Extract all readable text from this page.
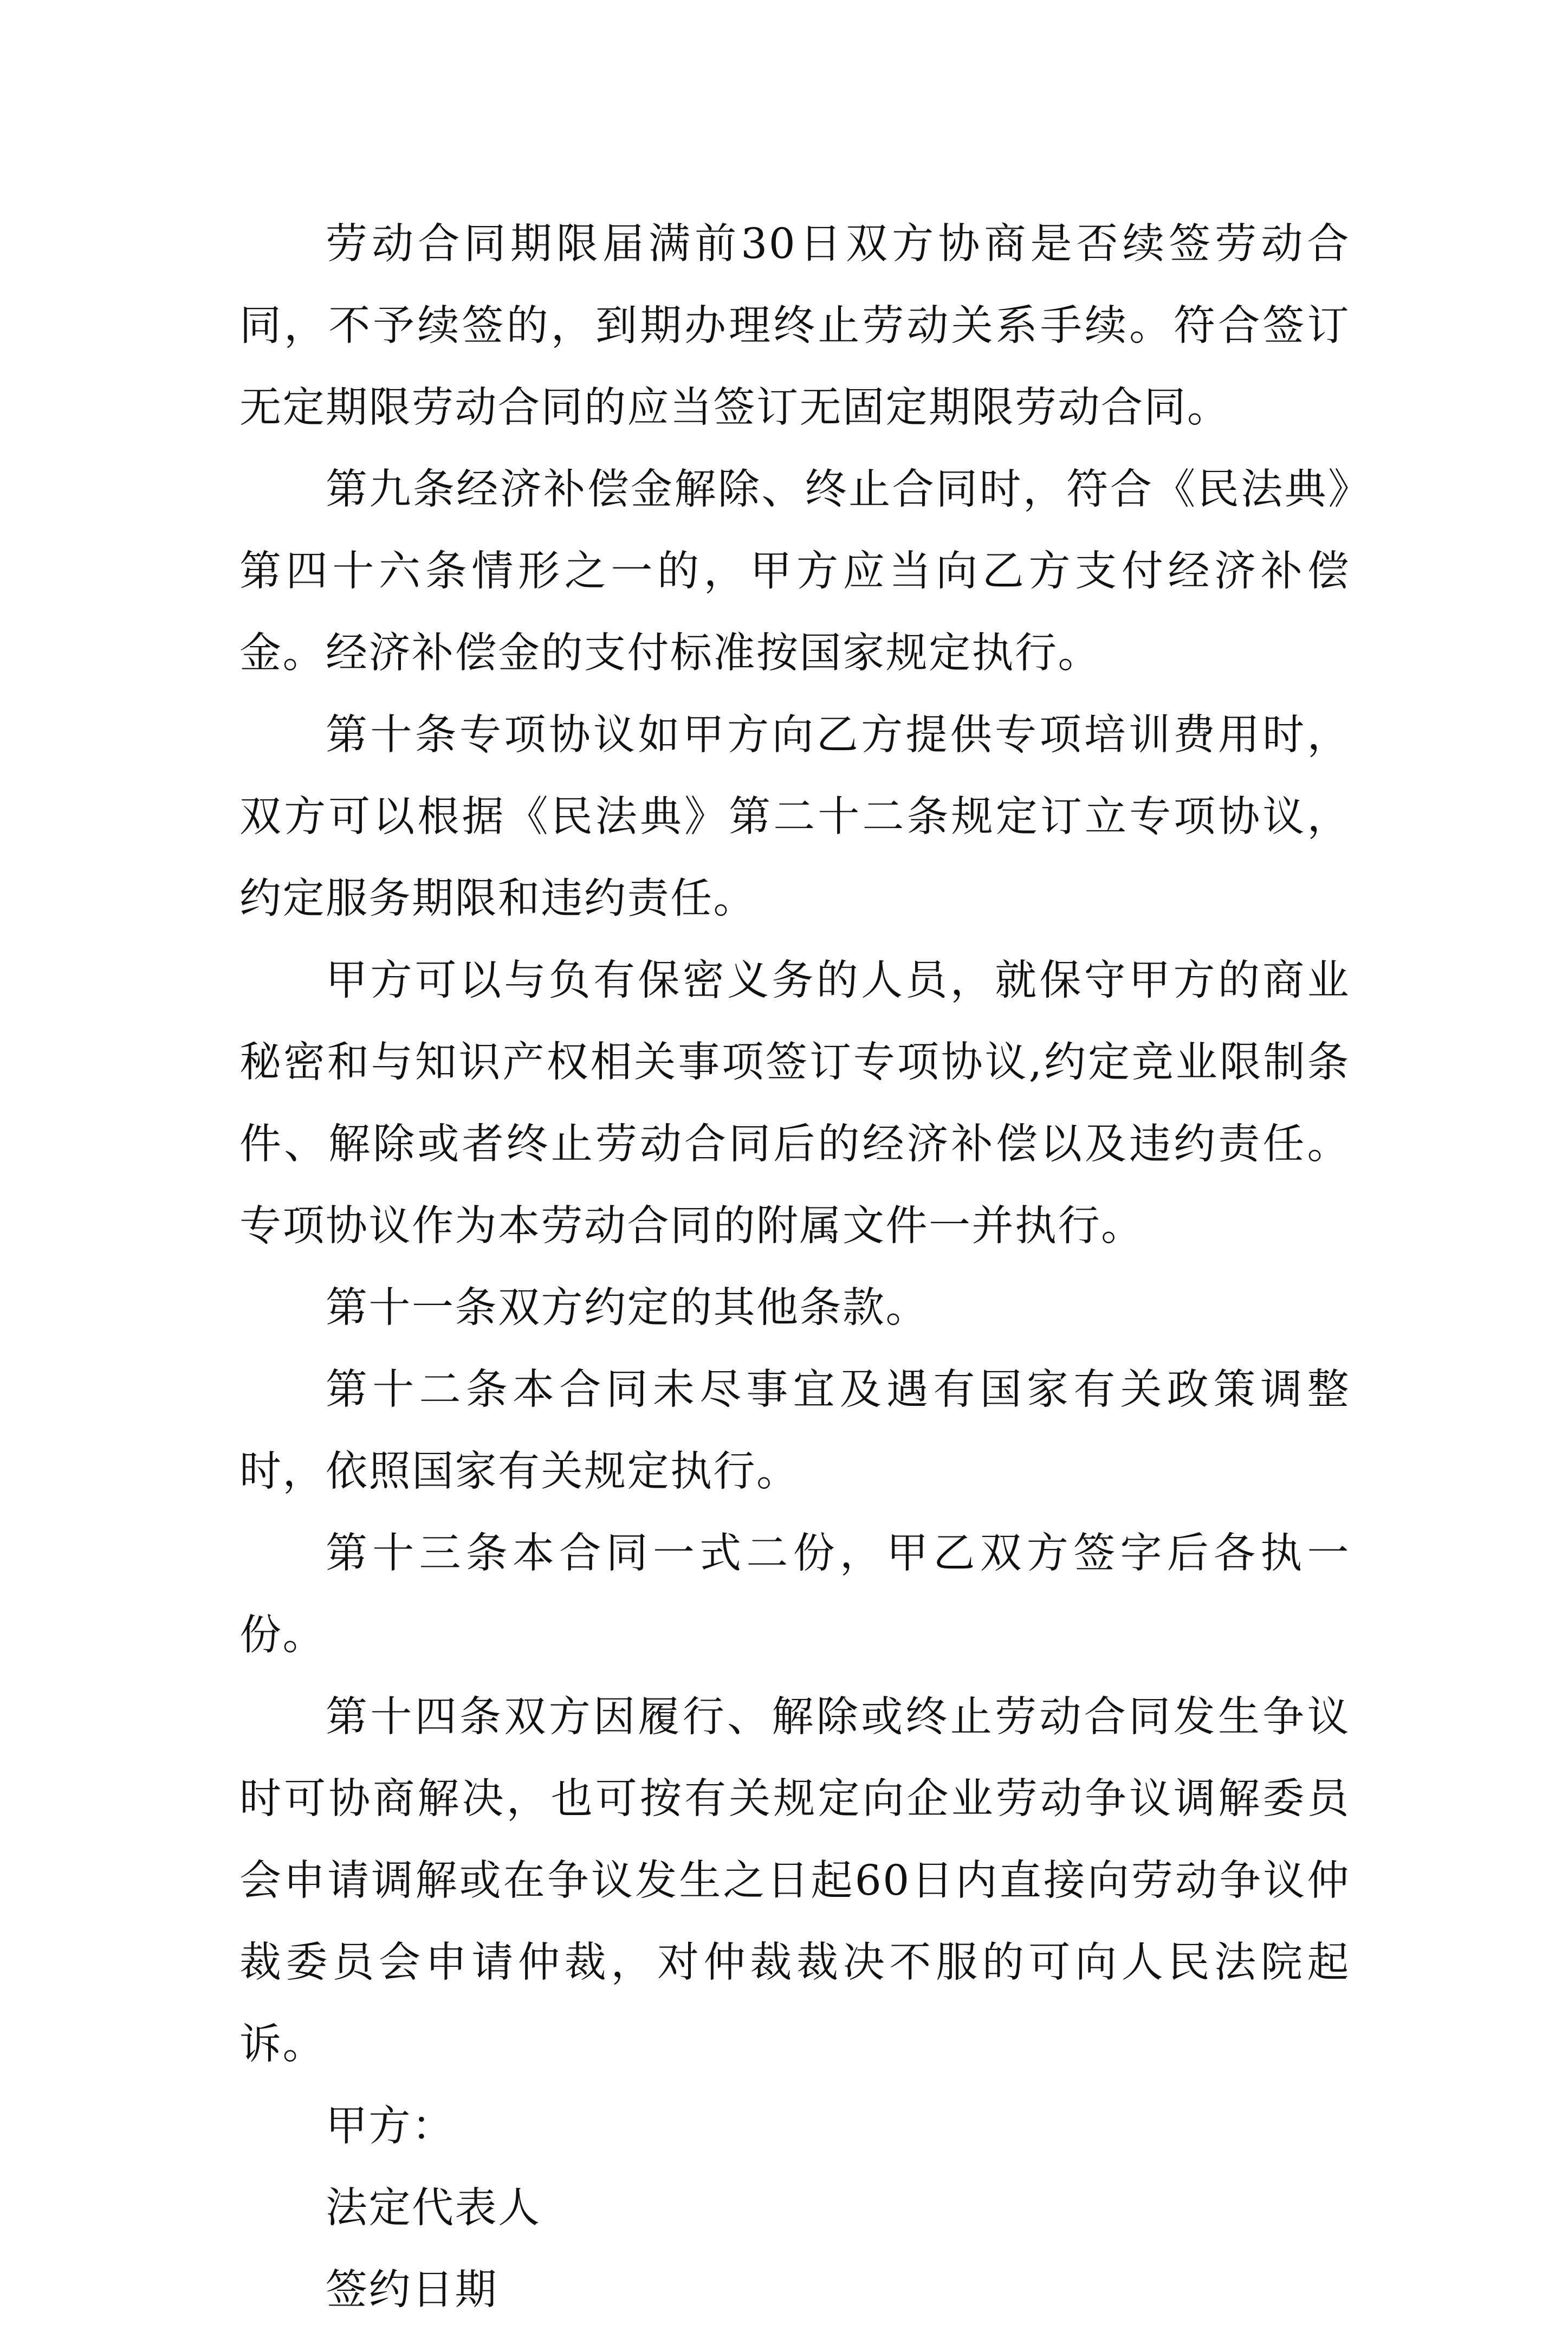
劳动合同期限届满前30日双方协商是否续签劳动合同，不予续签的，到期办理终止劳动关系手续。符合签订无定期限劳动合同的应当签订无固定期限劳动合同。

第九条经济补偿金解除、终止合同时，符合《民法典》第四十六条情形之一的，甲方应当向乙方支付经济补偿金。经济补偿金的支付标准按国家规定执行。

第十条专项协议如甲方向乙方提供专项培训费用时，双方可以根据《民法典》第二十二条规定订立专项协议，约定服务期限和违约责任。

甲方可以与负有保密义务的人员，就保守甲方的商业秘密和与知识产权相关事项签订专项协议,约定竞业限制条件、解除或者终止劳动合同后的经济补偿以及违约责任。专项协议作为本劳动合同的附属文件一并执行。

第十一条双方约定的其他条款。

第十二条本合同未尽事宜及遇有国家有关政策调整时，依照国家有关规定执行。

第十三条本合同一式二份，甲乙双方签字后各执一份。

第十四条双方因履行、解除或终止劳动合同发生争议时可协商解决，也可按有关规定向企业劳动争议调解委员会申请调解或在争议发生之日起60日内直接向劳动争议仲裁委员会申请仲裁，对仲裁裁决不服的可向人民法院起诉。

甲方：

法定代表人

签约日期
